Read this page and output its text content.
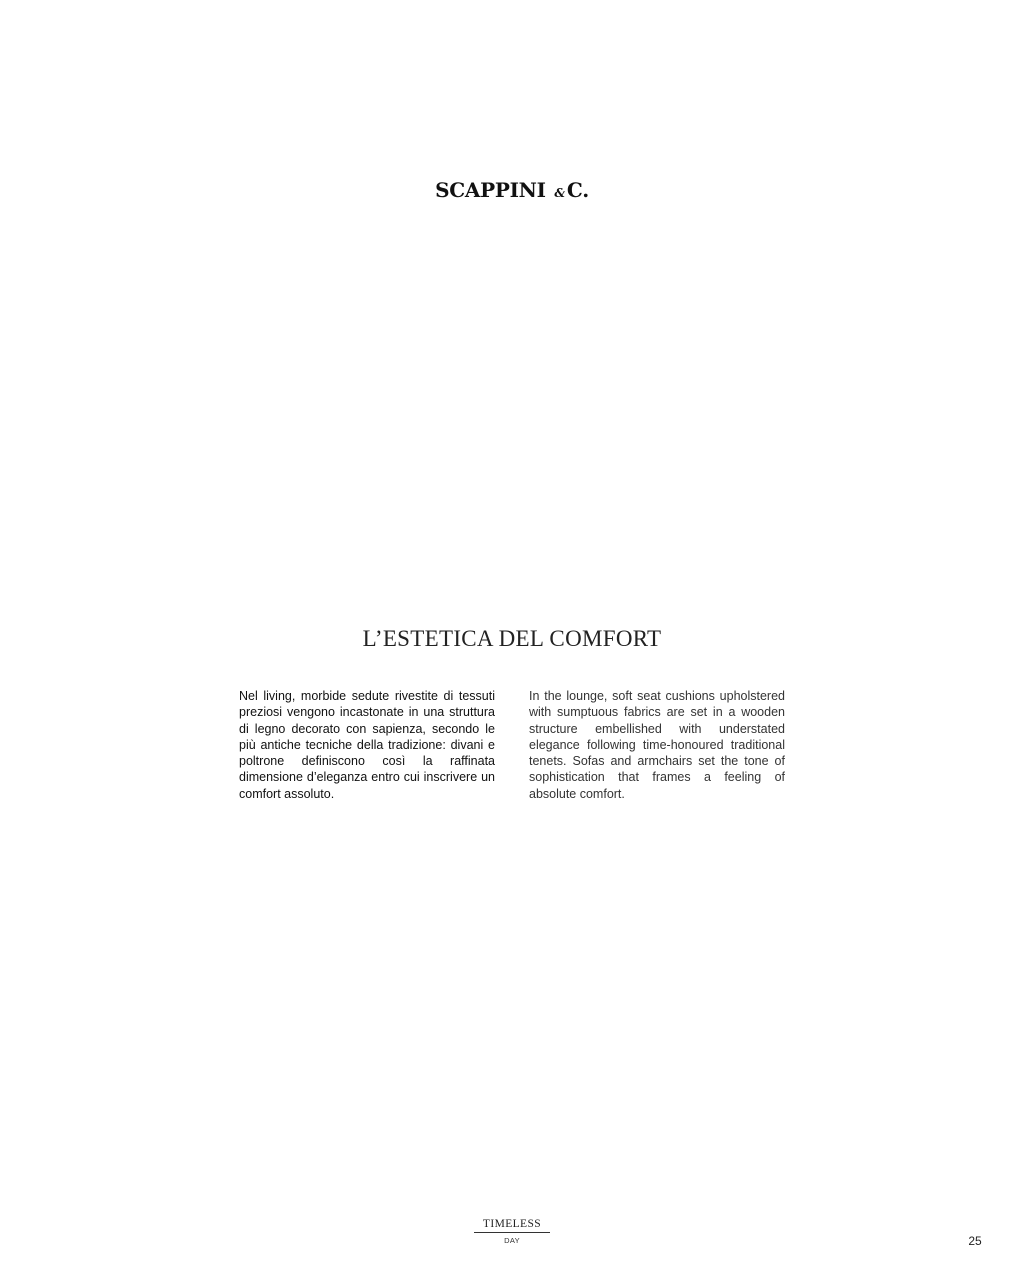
SCAPPINI & C.
L’ESTETICA DEL COMFORT

Nel living, morbide sedute rivestite di tessuti preziosi vengono incastonate in una struttura di legno decorato con sapienza, secondo le più antiche tecniche della tradizione: divani e poltrone definiscono così la raffinata dimensione d’eleganza entro cui inscrivere un comfort assoluto.

In the lounge, soft seat cushions upholstered with sumptuous fabrics are set in a wooden structure embellished with understated elegance following time-honoured traditional tenets. Sofas and armchairs set the tone of sophistication that frames a feeling of absolute comfort.

TIMELESS
DAY	25
